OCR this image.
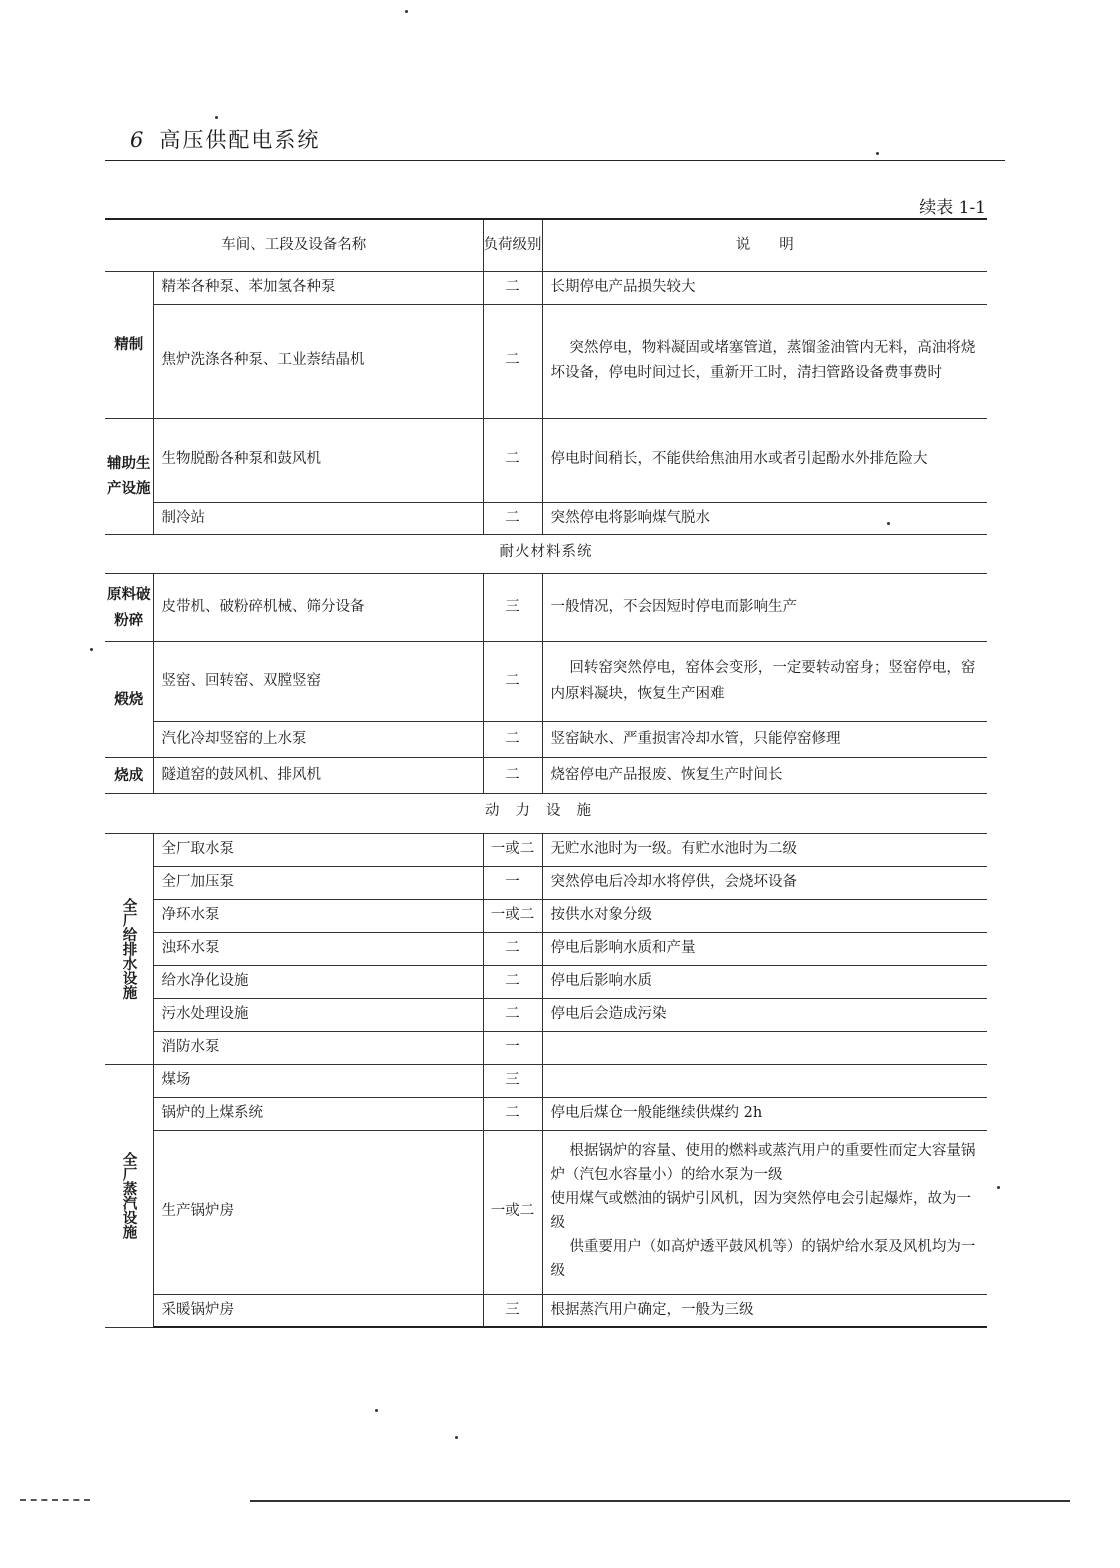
6 高压供配电系统
续表 1-1
车间、工段及设备名称		负荷级别	说　　明
精制	精苯各种泵、苯加氢各种泵	二	长期停电产品损失较大
	焦炉洗涤各种泵、工业萘结晶机	二	突然停电，物料凝固或堵塞管道，蒸馏釜油管内无料，高油将烧坏设备，停电时间过长，重新开工时，清扫管路设备费事费时
辅助生产设施	生物脱酚各种泵和鼓风机	二	停电时间稍长，不能供给焦油用水或者引起酚水外排危险大
	制冷站	二	突然停电将影响煤气脱水
耐火材料系统			
原料破粉碎	皮带机、破粉碎机械、筛分设备	三	一般情况，不会因短时停电而影响生产
煅烧	竖窑、回转窑、双膛竖窑	二	回转窑突然停电，窑体会变形，一定要转动窑身；竖窑停电，窑内原料凝块，恢复生产困难
	汽化冷却竖窑的上水泵	二	竖窑缺水、严重损害冷却水管，只能停窑修理
烧成	隧道窑的鼓风机、排风机	二	烧窑停电产品报废、恢复生产时间长
动力设施			
全厂给排水设施	全厂取水泵	一或二	无贮水池时为一级。有贮水池时为二级
	全厂加压泵	一	突然停电后冷却水将停供，会烧坏设备
	净环水泵	一或二	按供水对象分级
	浊环水泵	二	停电后影响水质和产量
	给水净化设施	二	停电后影响水质
	污水处理设施	二	停电后会造成污染
	消防水泵	一	
全厂蒸汽设施	煤场	三	
	锅炉的上煤系统	二	停电后煤仓一般能继续供煤约 2h
	生产锅炉房	一或二	根据锅炉的容量、使用的燃料或蒸汽用户的重要性而定大容量锅炉（汽包水容量小）的给水泵为一级
使用煤气或燃油的锅炉引风机，因为突然停电会引起爆炸，故为一级
供重要用户（如高炉透平鼓风机等）的锅炉给水泵及风机均为一级

	采暖锅炉房	三	根据蒸汽用户确定，一般为三级
